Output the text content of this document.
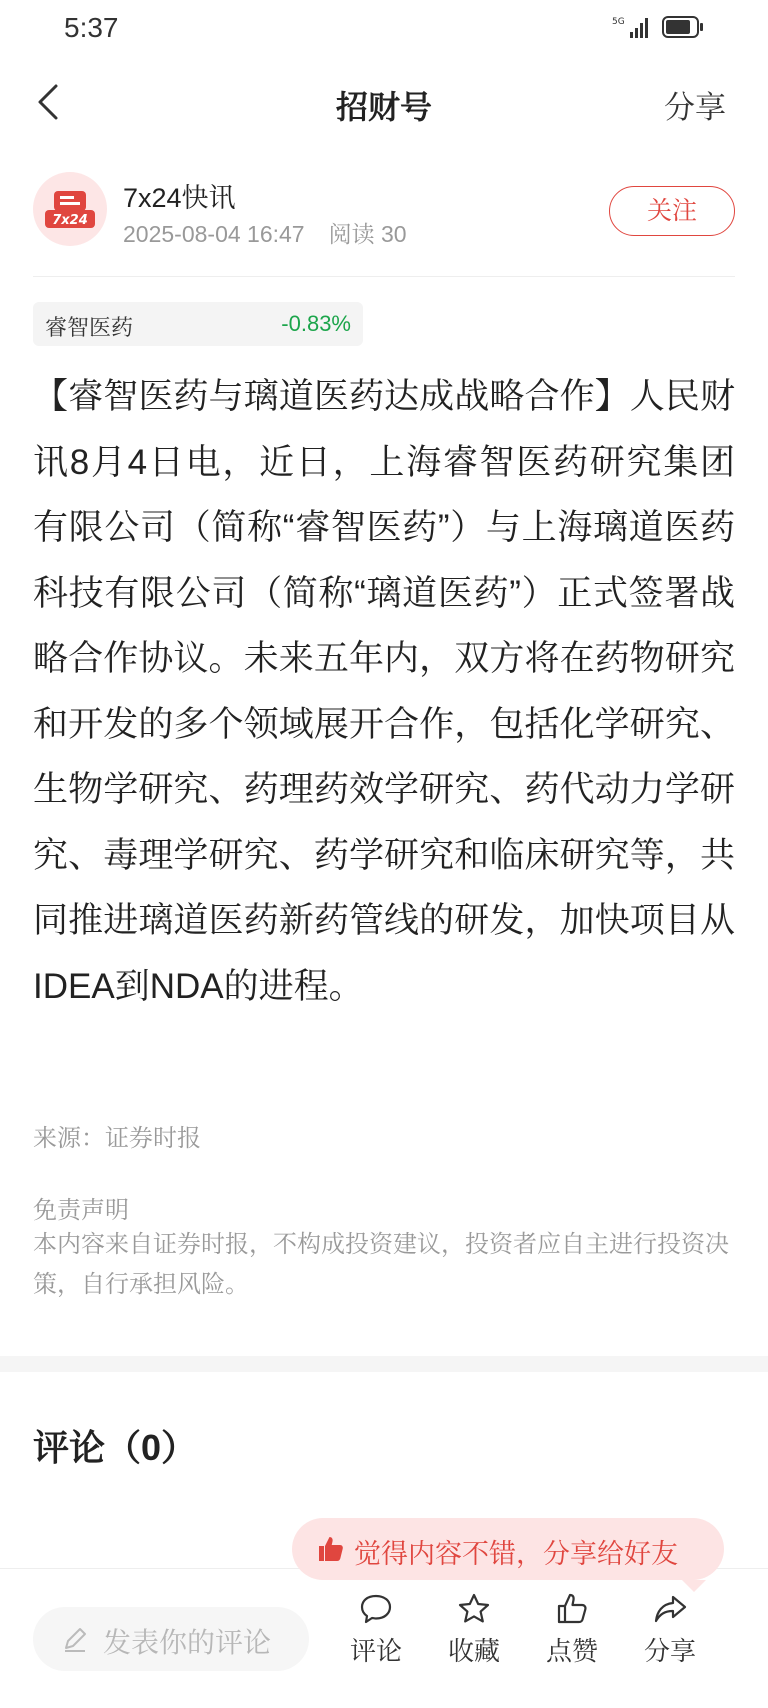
5:37	5G
招财号	分享
7x24
7x24快讯
2025-08-04 16:47 阅读 30
关注
睿智医药	-0.83%

【睿智医药与璃道医药达成战略合作】人民财讯8月4日电，近日，上海睿智医药研究集团有限公司（简称“睿智医药”）与上海璃道医药科技有限公司（简称“璃道医药”）正式签署战略合作协议。未来五年内，双方将在药物研究和开发的多个领域展开合作，包括化学研究、生物学研究、药理药效学研究、药代动力学研究、毒理学研究、药学研究和临床研究等，共同推进璃道医药新药管线的研发，加快项目从IDEA到NDA的进程。

来源：证券时报
免责声明

本内容来自证券时报，不构成投资建议，投资者应自主进行投资决策，自行承担风险。

评论（0）
发表你的评论	评论	收藏	点赞	分享
觉得内容不错，分享给好友
